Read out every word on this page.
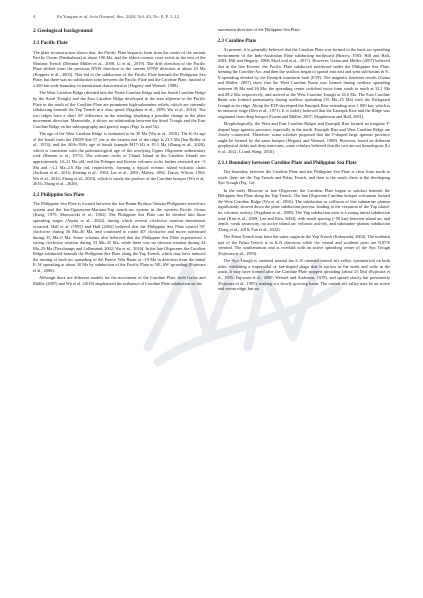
4	Fu Yongtao et al. Acta Oceanol. Sin., 2024, Vol. 43, No. 8, P. 1–12
2 Geological background
2.1 Pacific Plate

The plate reconstruction shows that, the Pacific Plate began to form from the center of the ancient Pacific Ocean (Panthalassa) at about 190 Ma, and the oldest oceanic crust exists in the east of the Mariana Trench (Dietmar Müller et al., 2008; Li et al., 2019). The drift direction of the Pacific Plate shifted from the previous NNW direction to the current WNW direction at about 43 Ma (Koppers et al., 2003). This led to the subduction of the Pacific Plate beneath the Philippine Sea Plate, but there was no subduction zone between the Pacific Plate and the Caroline Plate, instead of a 200 km wide boundary in transitional characteristics (Hegarty and Weissel, 1988).

The West Caroline Ridge (divided into the North Caroline Ridge and the South Caroline Ridge by the Sorol Trough) and the East Caroline Ridge developed in the area adjacent to the Pacific Plate in the north of the Caroline Plate are prominent high-submarine reliefs, which are currently subducting beneath the Yap Trench at a slow speed (Nagihara et al., 1989; Wu et al., 2016). The two ridges have a short 30° difference in the trending, implying a possible change in the plate movement direction. Meanwhile, it shows no relationship between the Sorol Trough and the East Caroline Ridge on the subtopography and gravity maps (Figs 1a and 1b).

The age of the West Caroline Ridge is estimated to be 30 Ma (Wu et al., 2016). The K-Ar age of the basalt from the DSDP Site 57 site at the eastern end of the ridge is 23.5 Ma (Ian Ridley et al., 1974), and the 40Ar-39Ar age of basalt (sample M17-14) is 19.3 Ma (Zhang et al., 2020), which is consistent with the paleontological age of the overlying Upper Oligocene sedimentary rock (Heezen et al., 1971). The volcanic rocks of Chuuk Island in the Caroline Islands are approximately 10–11 Ma old, and the Pohnpei and Kosrae volcanic rocks farther eastward are ~5 Ma and ~1.2 Ma–2.6 Ma old, respectively, forming a typical oceanic island volcanic chain (Jackson et al., 2016; Keating et al., 1984; Lee et al., 2001; Mattey, 1982; Tracey Wilson, 1963; Wu et al., 2016; Zhang et al., 2020), which is surely the product of the Caroline hotspot (Wu et al., 2016; Zhang et al., 2020).

2.2 Philippine Sea Plate

The Philippine Sea Plate is located between the Izu-Bonin-Ryukyu-Taiwan-Philippines trench-arc system and the Izu-Ogasawara-Mariana-Yap trench-arc system in the western Pacific Ocean (Karig, 1975; Moroowski et al., 1982). The Philippine Sea Plate can be divided into three spreading stages (Arpita et al., 2022), during which several clockwise rotation movements occurred. Hall et al. (1995) and Hall (2002) believed that the Philippine Sea Plate rotated 50° clockwise during 50 Ma–40 Ma, and continued to rotate 40° clockwise and move northward during 25 Ma–0 Ma. Some scholars also believed that the Philippine Sea Plate experienced a strong clockwise rotation during 53 Ma–45 Ma, while there was no obvious rotation during 44 Ma–25 Ma (Deschamps and Lallemand, 2002; Wu et al., 2016). In the late Oligocene, the Caroline Ridge subducted beneath the Philippine Sea Plate along the Yap Trench, which may have induced the turning of back-arc spreading of the Parece Vela Basin at ~19 Ma in direction from the initial E–W spreading at about 30 Ma by subduction of the Pacific Plate to NE–SW spreading (Fujiwara et al., 2000).

Although there are different models for the movement of the Caroline Plate, both Gaina and Müller (2007) and Wu et al. (2016) emphasized the influence of Caroline Plate subduction on the

movement direction of the Philippine Sea Plate.

2.3 Caroline Plate

At present, it is generally believed that the Caroline Plate was formed in the back arc spreading environment of the Indo-Australian Plate subducting northward (Bracey, 1983; Hill and Hall, 2003; Hill and Hegarty, 1988; MacLeod et al., 2017). However, Gaina and Müller (2007) believed that in the late Eocene, the Pacific Plate subducted northward under the Philippine Sea Plate, forming the Caroline Arc, and then the seafloor began to spread into east and west sub-basins in S–N spreading divided by the Eauripik transform fault (ETF). The magnetic lineation results (Gaina and Müller, 2007) show that the West Caroline Basin was formed during seafloor spreading between 36 Ma and 26 Ma; the spreading center switched twice from south to north at 33.1 Ma and 28.2 Ma, respectively, and arrived at the West Caroline Trough at 26.6 Ma. The East Caroline Basin was formed prematurely during seafloor spreading (35 Ma–25 Ma) with the Kiilsgaard Trough as its ridge. Along the ETF developed the Eauripik Rise extending over 1 000 km, which is an aseismic ridge (Den et al., 1971). It is widely believed that the Eauripik Rise and the Ridge was originated from deep hotspot (Gaina and Müller, 2007; Marpherson and Hall, 2001).

Morphologically, the West and East Caroline Ridges and Eauripik Rise formed an irregular T-shaped large igneous province, especially in the north. Eauripik Rise and West Caroline Ridge are closely connected. Therefore, some scholars proposed that the T-shaped large igneous province might be formed by the same hotspot (Hegarty and Weissel, 1988). However, based on different geophysical fields and deep structures, some scholars believed that the two are not homologous (Li et al., 2021; Li and Wang, 2016).

2.3.1 Boundary between Caroline Plate and Philippine Sea Plate

The boundary between the Caroline Plate and the Philippine Sea Plate is clear from north to south, there are the Yap Trench and Palau Trench, and then to the south, there is the developing Ayu Trough (Fig. 1a).

In the early Miocene or late Oligocene, the Caroline Plate began to subduct beneath the Philippine Sea Plate along the Yap Trench. The late Oligocene Caroline hotspot volcanism formed the West Caroline Ridge (Wu et al., 2016). The subduction or collision of this submarine plateau significantly slowed down the plate subduction process, leading to the cessation of the Yap island-arc volcanic activity (Nagihara et al., 1989). The Yap subduction zone is a young initial subduction zone (Kim et al., 2009; Lee and Kim, 2004), with small spacing (~50 km) between island arc and trench, weak seismicity, no active island arc volcanic activity, and submarine plateau subduction (Dong et al., 2018; Fan et al., 2022).

The Palau Trench may have the same origin as the Yap Trench (Kobayashi, 2004). The northern part of the Palau Trench is in S–N direction, while the central and southern parts are N30°E oriented. The southernmost end is overlaid with an active spreading center of the Ayu Trough (Fujiwara et al., 1995).

The Ayu Trough is centered around the S–N oriented central rift valley, symmetrical on both sides, exhibiting a trapezoidal or fan-shaped shape that is narrow in the north and wide in the south. It may have formed after the Caroline Plate stopped spreading (about 25 Ma) (Fujiwara et al., 1995; Fujiwara et al., 2000; Weissel and Anderson, 1978), and spread slowly but persistently (Fujiwara et al., 1995), making it a slowly growing basin. The central rift valley may be an active mid-ocean ridge, but no
